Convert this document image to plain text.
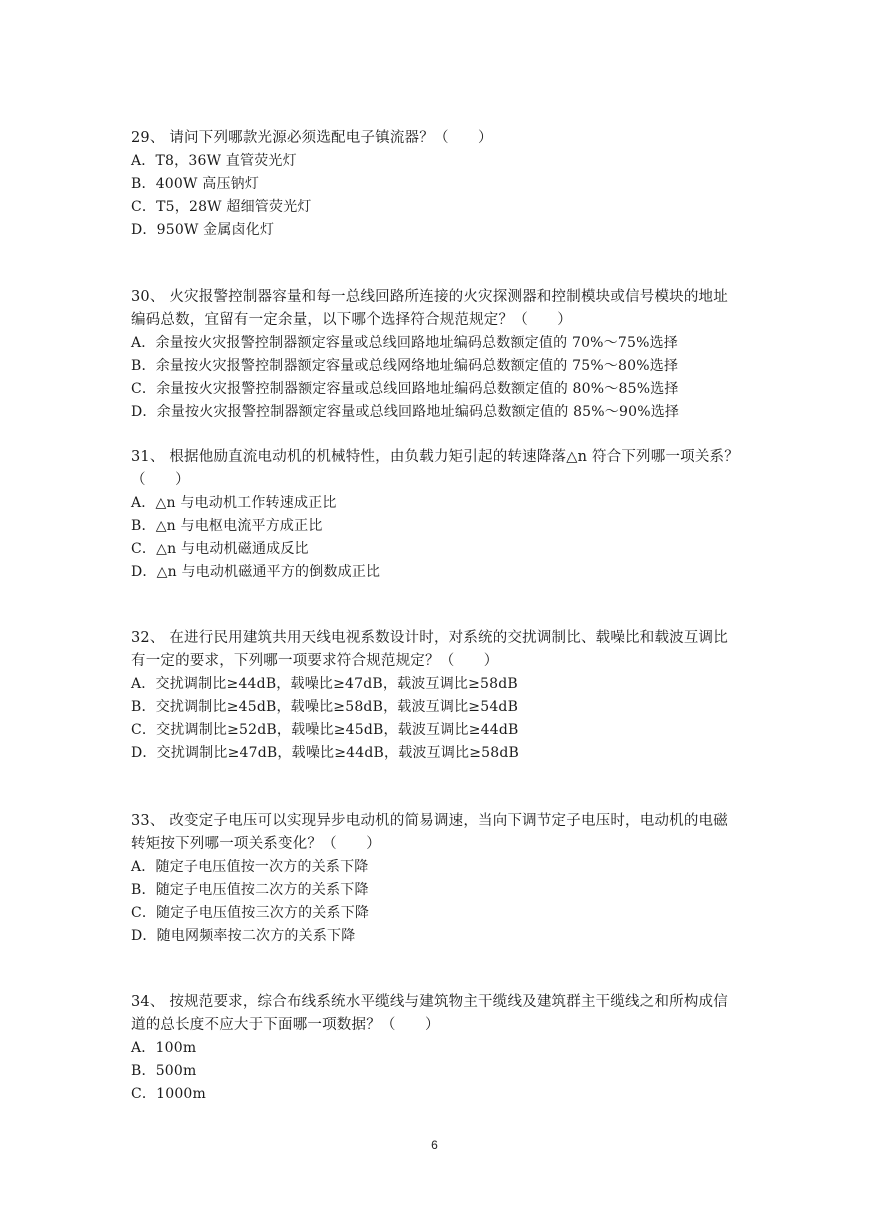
29、 请问下列哪款光源必须选配电子镇流器？（　　）

A．T8，36W 直管荧光灯

B．400W 高压钠灯

C．T5，28W 超细管荧光灯

D．950W 金属卤化灯

30、 火灾报警控制器容量和每一总线回路所连接的火灾探测器和控制模块或信号模块的地址编码总数，宜留有一定余量，以下哪个选择符合规范规定？（　　）

A．余量按火灾报警控制器额定容量或总线回路地址编码总数额定值的 70%～75%选择

B．余量按火灾报警控制器额定容量或总线网络地址编码总数额定值的 75%～80%选择

C．余量按火灾报警控制器额定容量或总线回路地址编码总数额定值的 80%～85%选择

D．余量按火灾报警控制器额定容量或总线回路地址编码总数额定值的 85%～90%选择

31、 根据他励直流电动机的机械特性，由负载力矩引起的转速降落△n 符合下列哪一项关系？（　　）

A．△n 与电动机工作转速成正比

B．△n 与电枢电流平方成正比

C．△n 与电动机磁通成反比

D．△n 与电动机磁通平方的倒数成正比

32、 在进行民用建筑共用天线电视系数设计时，对系统的交扰调制比、载噪比和载波互调比有一定的要求，下列哪一项要求符合规范规定？（　　）

A．交扰调制比≥44dB，载噪比≥47dB，载波互调比≥58dB

B．交扰调制比≥45dB，载噪比≥58dB，载波互调比≥54dB

C．交扰调制比≥52dB，载噪比≥45dB，载波互调比≥44dB

D．交扰调制比≥47dB，载噪比≥44dB，载波互调比≥58dB

33、 改变定子电压可以实现异步电动机的简易调速，当向下调节定子电压时，电动机的电磁转矩按下列哪一项关系变化？（　　）

A．随定子电压值按一次方的关系下降

B．随定子电压值按二次方的关系下降

C．随定子电压值按三次方的关系下降

D．随电网频率按二次方的关系下降

34、 按规范要求，综合布线系统水平缆线与建筑物主干缆线及建筑群主干缆线之和所构成信道的总长度不应大于下面哪一项数据？（　　）

A．100m

B．500m

C．1000m

6
